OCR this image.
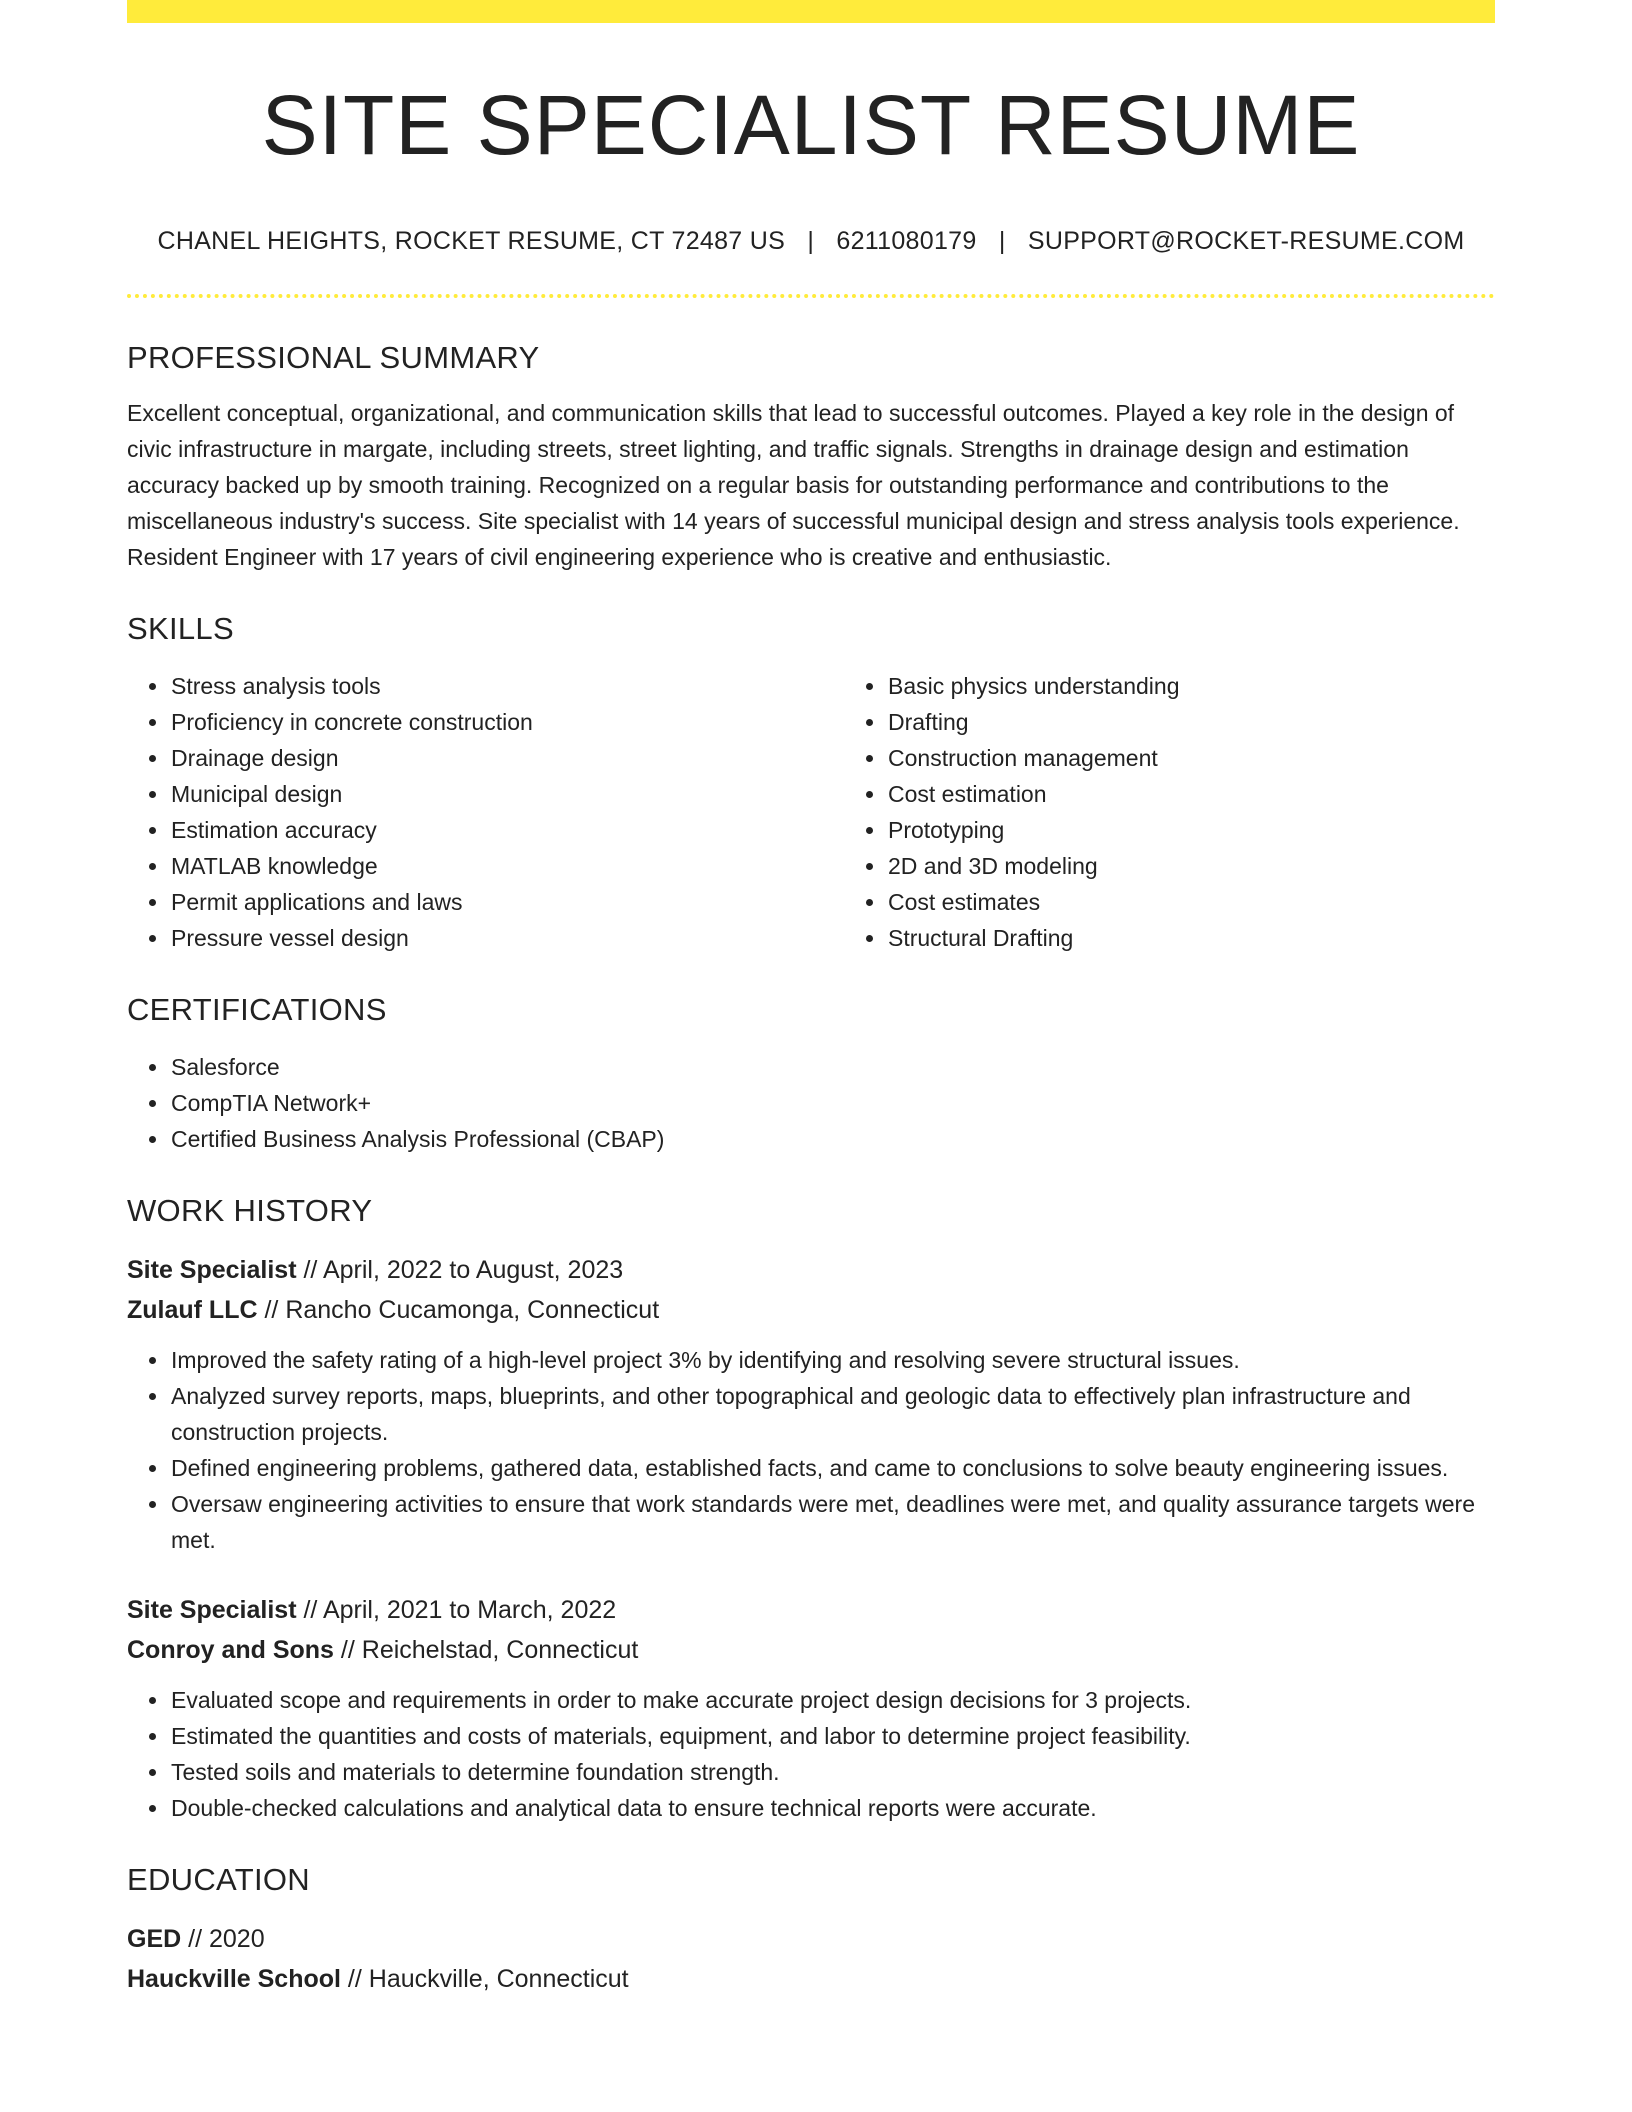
SITE SPECIALIST RESUME
CHANEL HEIGHTS, ROCKET RESUME, CT 72487 US | 6211080179 | SUPPORT@ROCKET-RESUME.COM
PROFESSIONAL SUMMARY

Excellent conceptual, organizational, and communication skills that lead to successful outcomes. Played a key role in the design of civic infrastructure in margate, including streets, street lighting, and traffic signals. Strengths in drainage design and estimation accuracy backed up by smooth training. Recognized on a regular basis for outstanding performance and contributions to the miscellaneous industry's success. Site specialist with 14 years of successful municipal design and stress analysis tools experience. Resident Engineer with 17 years of civil engineering experience who is creative and enthusiastic.

SKILLS
• Stress analysis tools
• Proficiency in concrete construction
• Drainage design
• Municipal design
• Estimation accuracy
• MATLAB knowledge
• Permit applications and laws
• Pressure vessel design
• Basic physics understanding
• Drafting
• Construction management
• Cost estimation
• Prototyping
• 2D and 3D modeling
• Cost estimates
• Structural Drafting
CERTIFICATIONS
• Salesforce
• CompTIA Network+
• Certified Business Analysis Professional (CBAP)
WORK HISTORY
Site Specialist // April, 2022 to August, 2023
Zulauf LLC // Rancho Cucamonga, Connecticut
• Improved the safety rating of a high-level project 3% by identifying and resolving severe structural issues.
• Analyzed survey reports, maps, blueprints, and other topographical and geologic data to effectively plan infrastructure and construction projects.
• Defined engineering problems, gathered data, established facts, and came to conclusions to solve beauty engineering issues.
• Oversaw engineering activities to ensure that work standards were met, deadlines were met, and quality assurance targets were met.
Site Specialist // April, 2021 to March, 2022
Conroy and Sons // Reichelstad, Connecticut
• Evaluated scope and requirements in order to make accurate project design decisions for 3 projects.
• Estimated the quantities and costs of materials, equipment, and labor to determine project feasibility.
• Tested soils and materials to determine foundation strength.
• Double-checked calculations and analytical data to ensure technical reports were accurate.
EDUCATION
GED // 2020
Hauckville School // Hauckville, Connecticut
